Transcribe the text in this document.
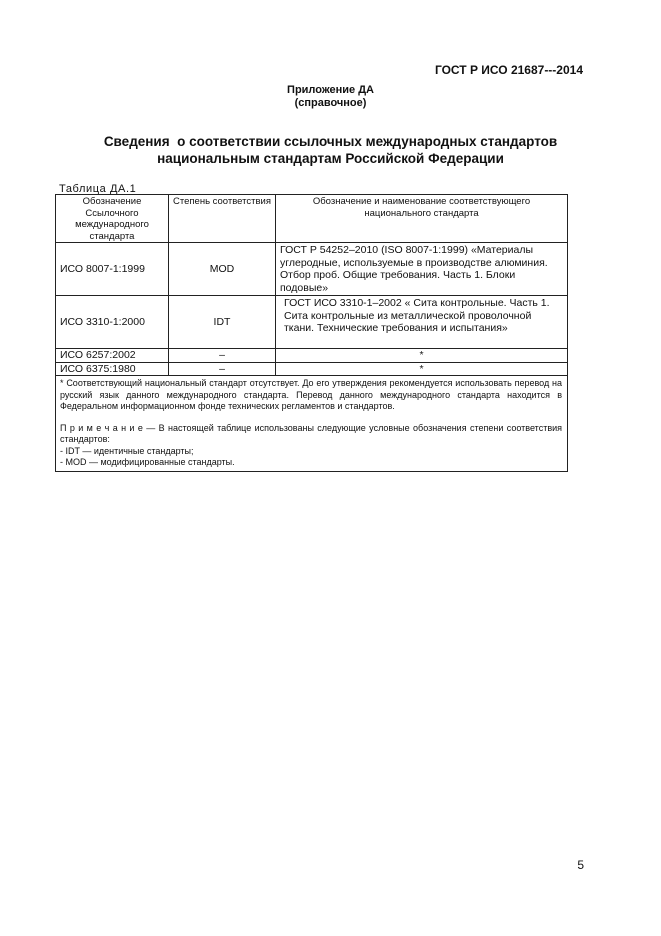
ГОСТ Р ИСО 21687---2014
Приложение ДА
(справочное)
Сведения  о соответствии ссылочных международных стандартов
национальным стандартам Российской Федерации
Таблица ДА.1
Обозначение Ссылочного международного стандарта	Степень соответствия	Обозначение и наименование соответствующего национального стандарта
ИСО 8007-1:1999	MOD	ГОСТ Р 54252–2010 (ISO 8007-1:1999) «Материалы углеродные, используемые в производстве алюминия. Отбор проб. Общие требования. Часть 1. Блоки подовые»
ИСО 3310-1:2000	IDT	ГОСТ ИСО 3310-1–2002 « Сита контрольные. Часть 1. Сита контрольные из металлической проволочной ткани. Технические требования и испытания»
ИСО 6257:2002	–	*
ИСО 6375:1980	–	*

* Соответствующий национальный стандарт отсутствует. До его утверждения рекомендуется использовать перевод на русский язык данного международного стандарта. Перевод данного международного стандарта находится в Федеральном информационном фонде технических регламентов и стандартов.
П р и м е ч а н и е — В настоящей таблице использованы следующие условные обозначения степени соответствия стандартов:
- IDT — идентичные стандарты;
- MOD — модифицированные стандарты.		
5
